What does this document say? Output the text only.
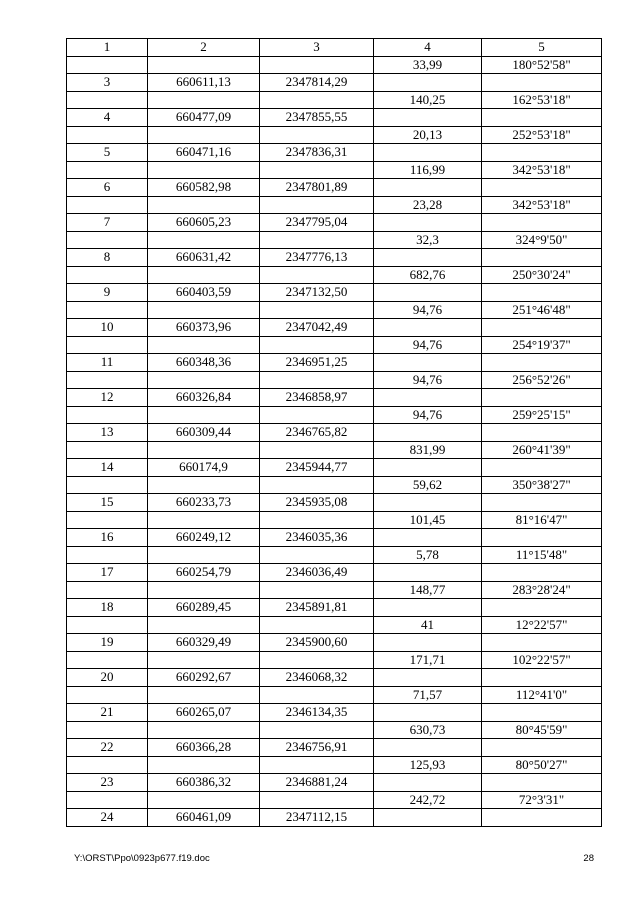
1	2	3	4	5
			33,99	180°52'58"
3	660611,13	2347814,29		
			140,25	162°53'18"
4	660477,09	2347855,55		
			20,13	252°53'18"
5	660471,16	2347836,31		
			116,99	342°53'18"
6	660582,98	2347801,89		
			23,28	342°53'18"
7	660605,23	2347795,04		
			32,3	324°9'50"
8	660631,42	2347776,13		
			682,76	250°30'24"
9	660403,59	2347132,50		
			94,76	251°46'48"
10	660373,96	2347042,49		
			94,76	254°19'37"
11	660348,36	2346951,25		
			94,76	256°52'26"
12	660326,84	2346858,97		
			94,76	259°25'15"
13	660309,44	2346765,82		
			831,99	260°41'39"
14	660174,9	2345944,77		
			59,62	350°38'27"
15	660233,73	2345935,08		
			101,45	81°16'47"
16	660249,12	2346035,36		
			5,78	11°15'48"
17	660254,79	2346036,49		
			148,77	283°28'24"
18	660289,45	2345891,81		
			41	12°22'57"
19	660329,49	2345900,60		
			171,71	102°22'57"
20	660292,67	2346068,32		
			71,57	112°41'0"
21	660265,07	2346134,35		
			630,73	80°45'59"
22	660366,28	2346756,91		
			125,93	80°50'27"
23	660386,32	2346881,24		
			242,72	72°3'31"
24	660461,09	2347112,15		
Y:\ORST\Ppo\0923p677.f19.doc	28
